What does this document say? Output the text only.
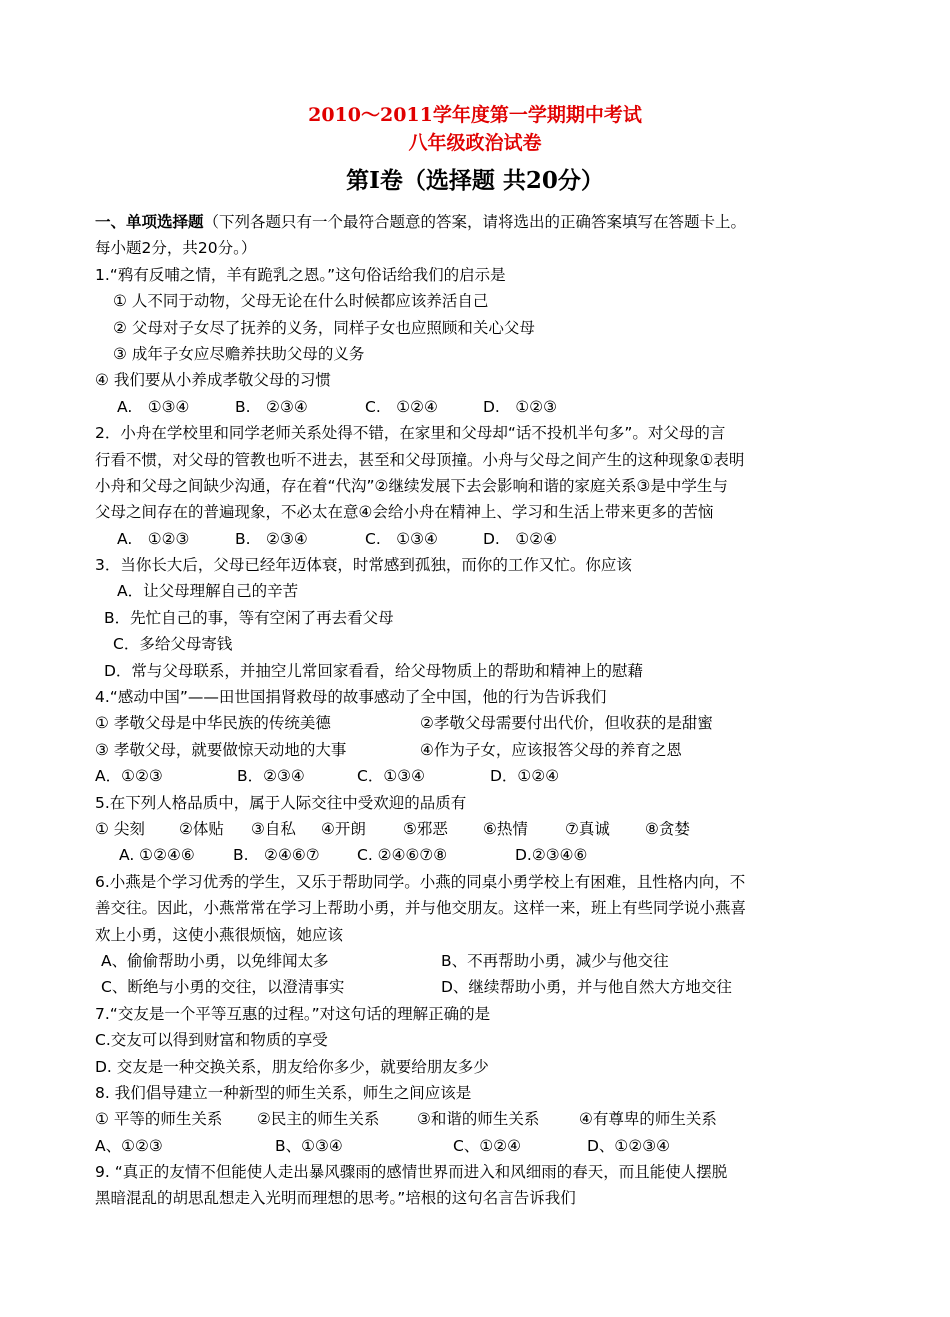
2010～2011学年度第一学期期中考试
八年级政治试卷
第Ⅰ卷（选择题 共20分）
一、单项选择题（下列各题只有一个最符合题意的答案，请将选出的正确答案填写在答题卡上。
每小题2分，共20分。）
1.“鸦有反哺之情，羊有跪乳之恩。”这句俗话给我们的启示是
① 人不同于动物，父母无论在什么时候都应该养活自己
② 父母对子女尽了抚养的义务，同样子女也应照顾和关心父母
③ 成年子女应尽赡养扶助父母的义务
④ 我们要从小养成孝敬父母的习惯
A.　①③④	B.　②③④	C.　①②④	D.　①②③
2．小舟在学校里和同学老师关系处得不错，在家里和父母却“话不投机半句多”。对父母的言
行看不惯，对父母的管教也听不进去，甚至和父母顶撞。小舟与父母之间产生的这种现象①表明
小舟和父母之间缺少沟通，存在着“代沟”②继续发展下去会影响和谐的家庭关系③是中学生与
父母之间存在的普遍现象，不必太在意④会给小舟在精神上、学习和生活上带来更多的苦恼
A.　①②③	B.　②③④	C.　①③④	D.　①②④
3．当你长大后，父母已经年迈体衰，时常感到孤独，而你的工作又忙。你应该
A．让父母理解自己的辛苦
B．先忙自己的事，等有空闲了再去看父母
C．多给父母寄钱
D．常与父母联系，并抽空儿常回家看看，给父母物质上的帮助和精神上的慰藉
4.“感动中国”——田世国捐肾救母的故事感动了全中国，他的行为告诉我们
① 孝敬父母是中华民族的传统美德	②孝敬父母需要付出代价，但收获的是甜蜜
③ 孝敬父母，就要做惊天动地的大事	④作为子女，应该报答父母的养育之恩
A．①②③	B．②③④	C．①③④	D．①②④
5.在下列人格品质中，属于人际交往中受欢迎的品质有
① 尖刻 ②体贴 ③自私 ④开朗 ⑤邪恶 ⑥热情 ⑦真诚 ⑧贪婪
A. ①②④⑥ B.　②④⑥⑦ C. ②④⑥⑦⑧	D.②③④⑥
6.小燕是个学习优秀的学生，又乐于帮助同学。小燕的同桌小勇学校上有困难，且性格内向，不
善交往。因此，小燕常常在学习上帮助小勇，并与他交朋友。这样一来，班上有些同学说小燕喜
欢上小勇，这使小燕很烦恼，她应该
A、偷偷帮助小勇，以免绯闻太多	B、不再帮助小勇，减少与他交往
C、断绝与小勇的交往，以澄清事实	D、继续帮助小勇，并与他自然大方地交往
7.“交友是一个平等互惠的过程。”对这句话的理解正确的是
C.交友可以得到财富和物质的享受
D. 交友是一种交换关系，朋友给你多少，就要给朋友多少
8. 我们倡导建立一种新型的师生关系，师生之间应该是
① 平等的师生关系 ②民主的师生关系 ③和谐的师生关系	④有尊卑的师生关系
A、①②③	B、①③④	C、①②④	D、①②③④
9. “真正的友情不但能使人走出暴风骤雨的感情世界而进入和风细雨的春天，而且能使人摆脱
黑暗混乱的胡思乱想走入光明而理想的思考。”培根的这句名言告诉我们
